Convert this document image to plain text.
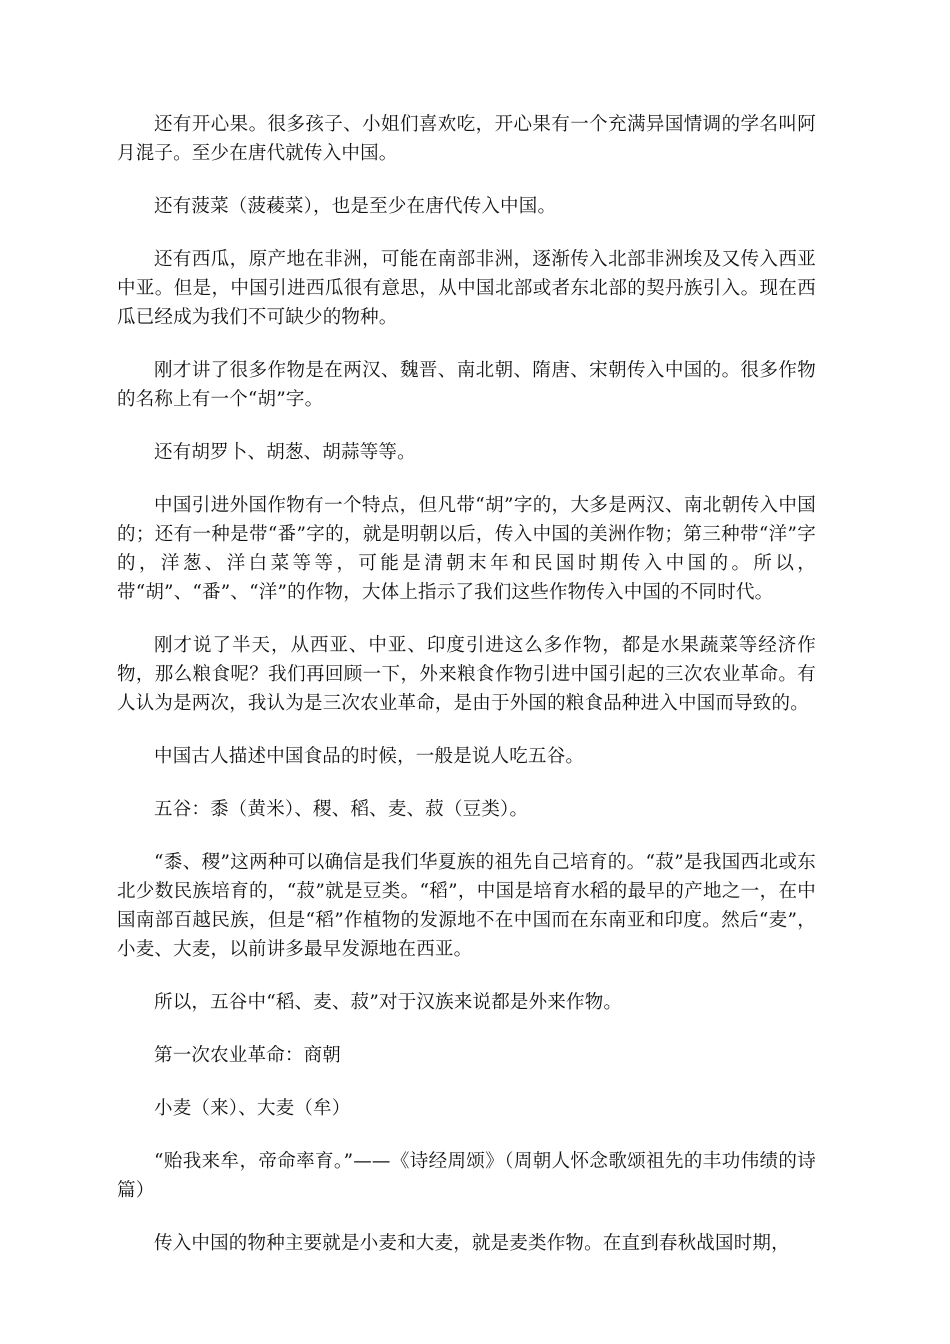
还有开心果。很多孩子、小姐们喜欢吃，开心果有一个充满异国情调的学名叫阿月混子。至少在唐代就传入中国。

还有菠菜（菠薐菜），也是至少在唐代传入中国。

还有西瓜，原产地在非洲，可能在南部非洲，逐渐传入北部非洲埃及又传入西亚中亚。但是，中国引进西瓜很有意思，从中国北部或者东北部的契丹族引入。现在西瓜已经成为我们不可缺少的物种。

刚才讲了很多作物是在两汉、魏晋、南北朝、隋唐、宋朝传入中国的。很多作物的名称上有一个“胡”字。

还有胡罗卜、胡葱、胡蒜等等。

中国引进外国作物有一个特点，但凡带“胡”字的，大多是两汉、南北朝传入中国的；还有一种是带“番”字的，就是明朝以后，传入中国的美洲作物；第三种带“洋”字的，洋葱、洋白菜等等，可能是清朝末年和民国时期传入中国的。所以，带“胡”、“番”、“洋”的作物，大体上指示了我们这些作物传入中国的不同时代。

刚才说了半天，从西亚、中亚、印度引进这么多作物，都是水果蔬菜等经济作物，那么粮食呢？我们再回顾一下，外来粮食作物引进中国引起的三次农业革命。有人认为是两次，我认为是三次农业革命，是由于外国的粮食品种进入中国而导致的。

中国古人描述中国食品的时候，一般是说人吃五谷。

五谷：黍（黄米）、稷、稻、麦、菽（豆类）。

“黍、稷”这两种可以确信是我们华夏族的祖先自己培育的。“菽”是我国西北或东北少数民族培育的，“菽”就是豆类。“稻”，中国是培育水稻的最早的产地之一，在中国南部百越民族，但是“稻”作植物的发源地不在中国而在东南亚和印度。然后“麦”，小麦、大麦，以前讲多最早发源地在西亚。

所以，五谷中“稻、麦、菽”对于汉族来说都是外来作物。

第一次农业革命：商朝

小麦（来）、大麦（牟）

“贻我来牟，帝命率育。”——《诗经周颂》（周朝人怀念歌颂祖先的丰功伟绩的诗篇）

传入中国的物种主要就是小麦和大麦，就是麦类作物。在直到春秋战国时期，
